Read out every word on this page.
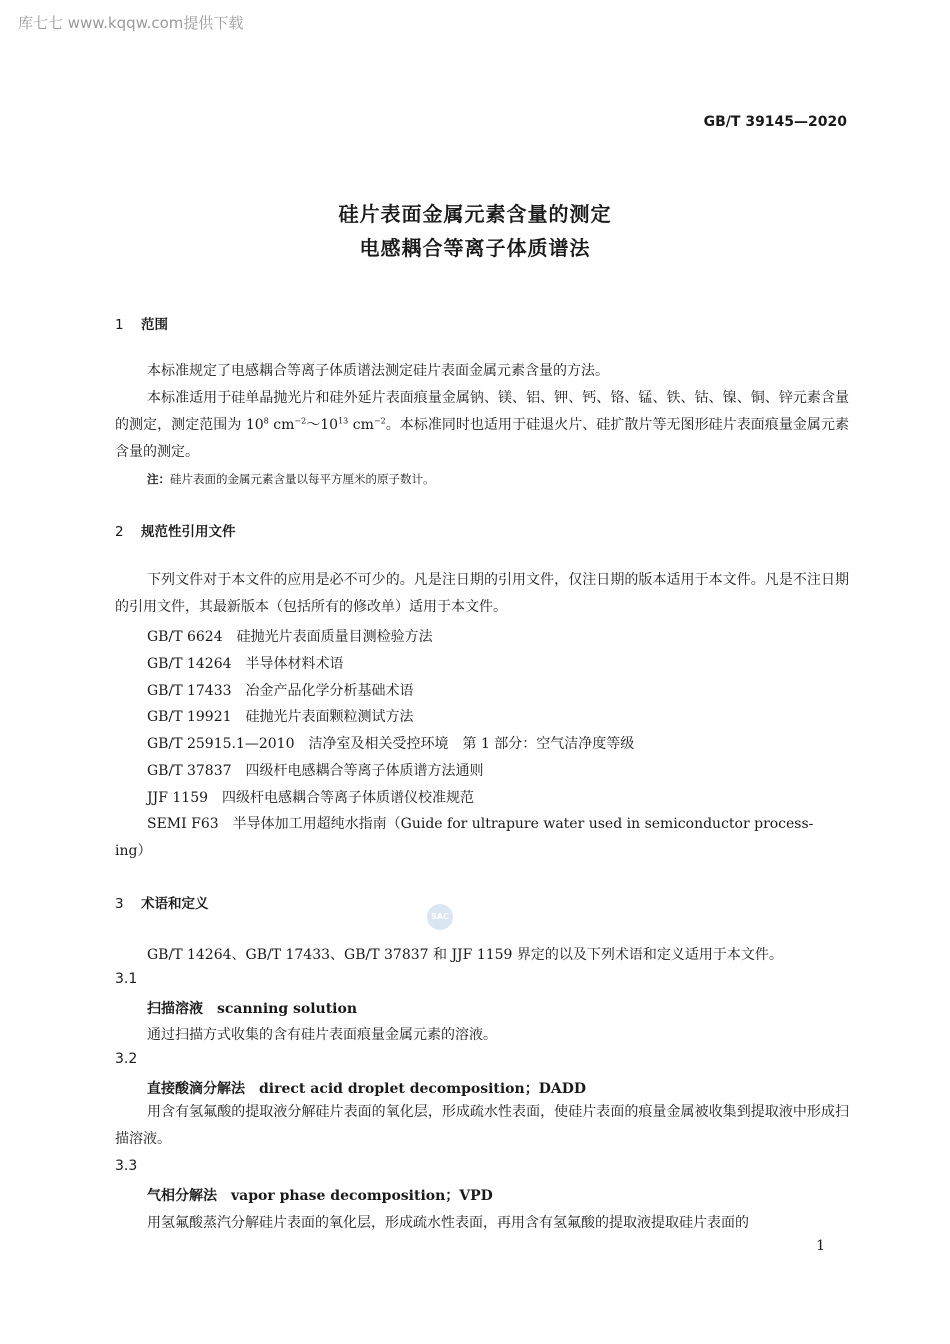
库七七 www.kqqw.com提供下载
GB/T 39145—2020
硅片表面金属元素含量的测定
电感耦合等离子体质谱法
1 范围
本标准规定了电感耦合等离子体质谱法测定硅片表面金属元素含量的方法。
本标准适用于硅单晶抛光片和硅外延片表面痕量金属钠、镁、铝、钾、钙、铬、锰、铁、钴、镍、铜、锌元素含量的测定，测定范围为 $10^8$ $cm^{-2}\sim 10^{13}$ $cm^{-2}$。本标准同时也适用于硅退火片、硅扩散片等无图形硅片表面痕量金属元素含量的测定。
注：硅片表面的金属元素含量以每平方厘米的原子数计。
2 规范性引用文件
下列文件对于本文件的应用是必不可少的。凡是注日期的引用文件，仅注日期的版本适用于本文件。凡是不注日期的引用文件，其最新版本（包括所有的修改单）适用于本文件。
GB/T 6624 硅抛光片表面质量目测检验方法
GB/T 14264 半导体材料术语
GB/T 17433 冶金产品化学分析基础术语
GB/T 19921 硅抛光片表面颗粒测试方法
GB/T 25915.1—2010 洁净室及相关受控环境　第 1 部分：空气洁净度等级
GB/T 37837 四级杆电感耦合等离子体质谱方法通则
JJF 1159 四级杆电感耦合等离子体质谱仪校准规范
SEMI F63 半导体加工用超纯水指南（Guide for ultrapure water used in semiconductor process-
ing）
3 术语和定义
SAC
GB/T 14264、GB/T 17433、GB/T 37837 和 JJF 1159 界定的以及下列术语和定义适用于本文件。
3.1
扫描溶液 scanning solution
通过扫描方式收集的含有硅片表面痕量金属元素的溶液。
3.2
直接酸滴分解法 direct acid droplet decomposition；DADD
用含有氢氟酸的提取液分解硅片表面的氧化层，形成疏水性表面，使硅片表面的痕量金属被收集到提取液中形成扫描溶液。
3.3
气相分解法 vapor phase decomposition；VPD
用氢氟酸蒸汽分解硅片表面的氧化层，形成疏水性表面，再用含有氢氟酸的提取液提取硅片表面的
1
